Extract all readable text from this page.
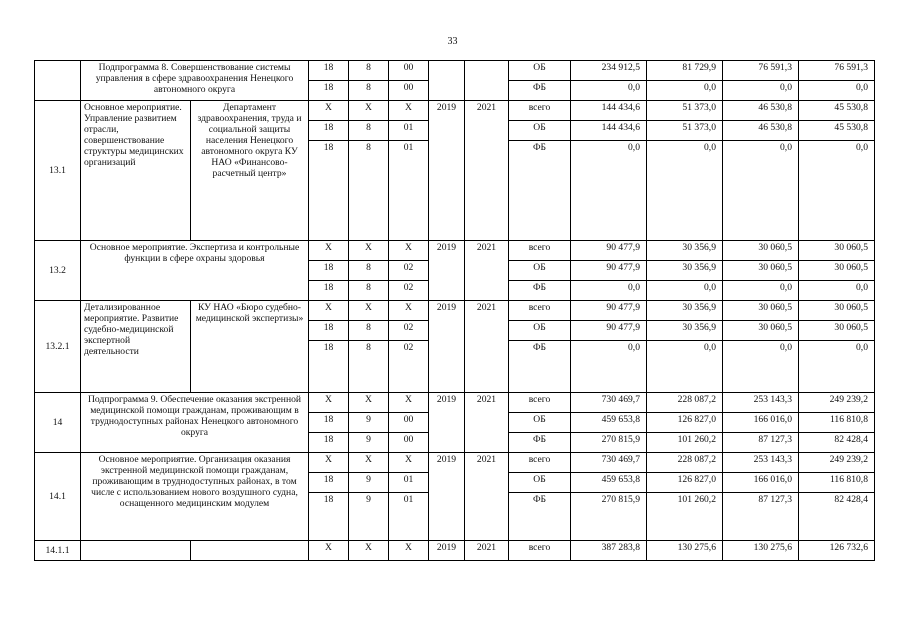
33
	Подпрограмма 8. Совершенствование системы управления в сфере здравоохранения Ненецкого автономного округа		18	8	00			ОБ	234 912,5	81 729,9	76 591,3	76 591,3
			18	8	00			ФБ	0,0	0,0	0,0	0,0
13.1	Основное мероприятие. Управление развитием отрасли, совершенствование структуры медицинских организаций	Департамент здравоохранения, труда и социальной защиты населения Ненецкого автономного округа КУ НАО «Финансово-расчетный центр»	Х	Х	Х	2019	2021	всего	144 434,6	51 373,0	46 530,8	45 530,8
			18	8	01			ОБ	144 434,6	51 373,0	46 530,8	45 530,8
			18	8	01			ФБ	0,0	0,0	0,0	0,0
13.2	Основное мероприятие. Экспертиза и контрольные функции в сфере охраны здоровья		Х	Х	Х	2019	2021	всего	90 477,9	30 356,9	30 060,5	30 060,5
			18	8	02			ОБ	90 477,9	30 356,9	30 060,5	30 060,5
			18	8	02			ФБ	0,0	0,0	0,0	0,0
13.2.1	Детализированное мероприятие. Развитие судебно-медицинской экспертной деятельности	КУ НАО «Бюро судебно-медицинской экспертизы»	Х	Х	Х	2019	2021	всего	90 477,9	30 356,9	30 060,5	30 060,5
			18	8	02			ОБ	90 477,9	30 356,9	30 060,5	30 060,5
			18	8	02			ФБ	0,0	0,0	0,0	0,0
14	Подпрограмма 9. Обеспечение оказания экстренной медицинской помощи гражданам, проживающим в труднодоступных районах Ненецкого автономного округа		Х	Х	Х	2019	2021	всего	730 469,7	228 087,2	253 143,3	249 239,2
			18	9	00			ОБ	459 653,8	126 827,0	166 016,0	116 810,8
			18	9	00			ФБ	270 815,9	101 260,2	87 127,3	82 428,4
14.1	Основное мероприятие. Организация оказания экстренной медицинской помощи гражданам, проживающим в труднодоступных районах, в том числе с использованием нового воздушного судна, оснащенного медицинским модулем		Х	Х	Х	2019	2021	всего	730 469,7	228 087,2	253 143,3	249 239,2
			18	9	01			ОБ	459 653,8	126 827,0	166 016,0	116 810,8
			18	9	01			ФБ	270 815,9	101 260,2	87 127,3	82 428,4
14.1.1			Х	Х	Х	2019	2021	всего	387 283,8	130 275,6	130 275,6	126 732,6
